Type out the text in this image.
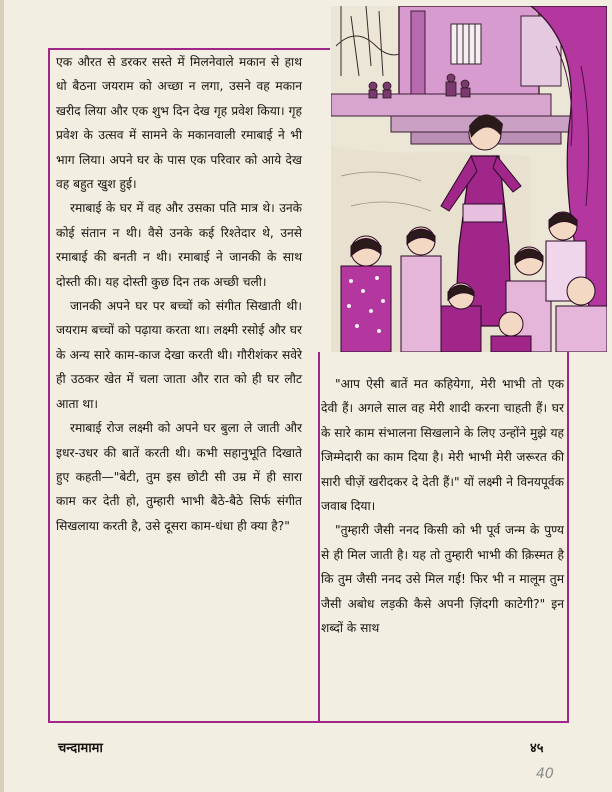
एक औरत से डरकर सस्ते में मिलनेवाले मकान से हाथ धो बैठना जयराम को अच्छा न लगा, उसने वह मकान खरीद लिया और एक शुभ दिन देख गृह प्रवेश किया। गृह प्रवेश के उत्सव में सामने के मकानवाली रमाबाई ने भी भाग लिया। अपने घर के पास एक परिवार को आये देख वह बहुत खुश हुई।

रमाबाई के घर में वह और उसका पति मात्र थे। उनके कोई संतान न थी। वैसे उनके कई रिश्तेदार थे, उनसे रमाबाई की बनती न थी। रमाबाई ने जानकी के साथ दोस्ती की। यह दोस्ती कुछ दिन तक अच्छी चली।

जानकी अपने घर पर बच्चों को संगीत सिखाती थी। जयराम बच्चों को पढ़ाया करता था। लक्ष्मी रसोई और घर के अन्य सारे काम-काज देखा करती थी। गौरीशंकर सवेरे ही उठकर खेत में चला जाता और रात को ही घर लौट आता था।

रमाबाई रोज लक्ष्मी को अपने घर बुला ले जाती और इधर-उधर की बातें करती थी। कभी सहानुभूति दिखाते हुए कहती—"बेटी, तुम इस छोटी सी उम्र में ही सारा काम कर देती हो, तुम्हारी भाभी बैठे-बैठे सिर्फ संगीत सिखलाया करती है, उसे दूसरा काम-धंधा ही क्या है?"

"आप ऐसी बातें मत कहियेगा, मेरी भाभी तो एक देवी हैं। अगले साल वह मेरी शादी करना चाहती हैं। घर के सारे काम संभालना सिखलाने के लिए उन्होंने मुझे यह जिम्मेदारी का काम दिया है। मेरी भाभी मेरी जरूरत की सारी चीज़ें खरीदकर दे देती हैं।" यों लक्ष्मी ने विनयपूर्वक जवाब दिया।

"तुम्हारी जैसी ननद किसी को भी पूर्व जन्म के पुण्य से ही मिल जाती है। यह तो तुम्हारी भाभी की क़िस्मत है कि तुम जैसी ननद उसे मिल गई! फिर भी न मालूम तुम जैसी अबोध लड़की कैसे अपनी ज़िंदगी काटेगी?" इन शब्दों के साथ

चन्दामामा	४५
40
